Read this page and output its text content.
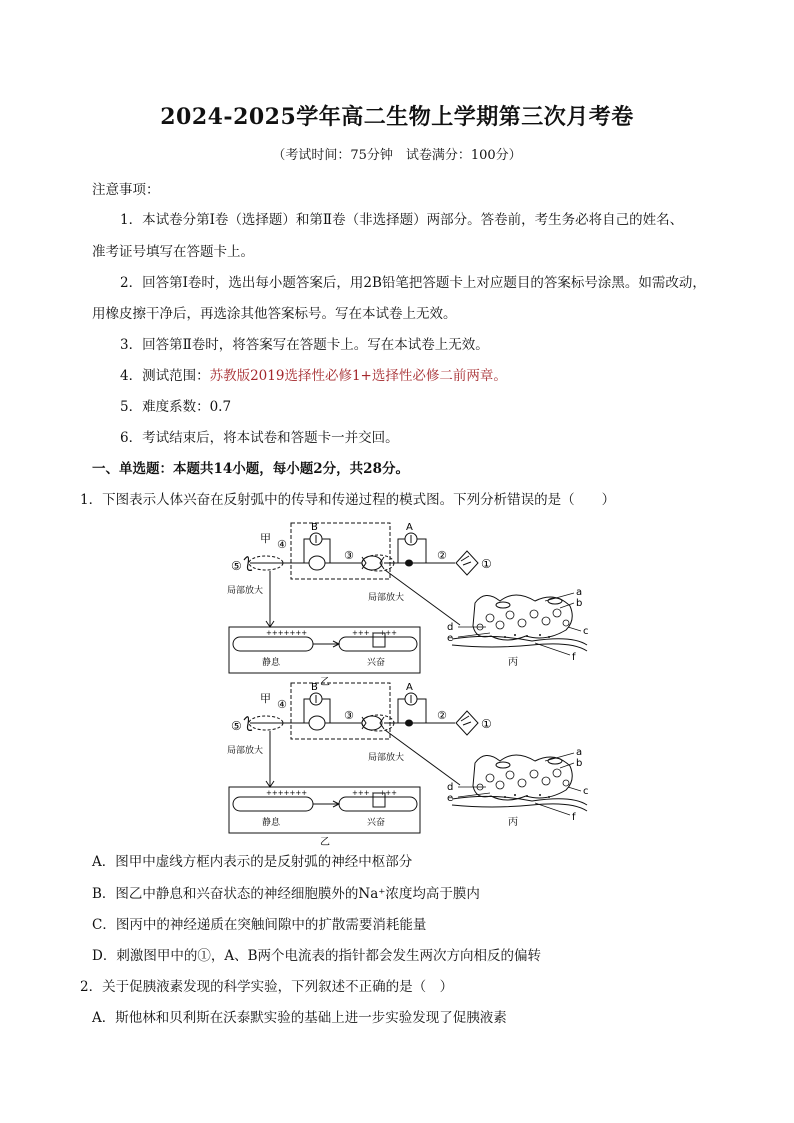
2024-2025学年高二生物上学期第三次月考卷
（考试时间：75分钟　试卷满分：100分）
注意事项：
1．本试卷分第Ⅰ卷（选择题）和第Ⅱ卷（非选择题）两部分。答卷前，考生务必将自己的姓名、
准考证号填写在答题卡上。
2．回答第Ⅰ卷时，选出每小题答案后，用2B铅笔把答题卡上对应题目的答案标号涂黑。如需改动，
用橡皮擦干净后，再选涂其他答案标号。写在本试卷上无效。
3．回答第Ⅱ卷时，将答案写在答题卡上。写在本试卷上无效。
4．测试范围：苏教版2019选择性必修1+选择性必修二前两章。
5．难度系数：0.7
6．考试结束后，将本试卷和答题卡一并交回。
一、单选题：本题共14小题，每小题2分，共28分。
1．下图表示人体兴奋在反射弧中的传导和传递过程的模式图。下列分析错误的是（　　）
A．图甲中虚线方框内表示的是反射弧的神经中枢部分
B．图乙中静息和兴奋状态的神经细胞膜外的Na⁺浓度均高于膜内
C．图丙中的神经递质在突触间隙中的扩散需要消耗能量
D．刺激图甲中的①，A、B两个电流表的指针都会发生两次方向相反的偏转
2．关于促胰液素发现的科学实验，下列叙述不正确的是（　）
A．斯他林和贝利斯在沃泰默实验的基础上进一步实验发现了促胰液素
